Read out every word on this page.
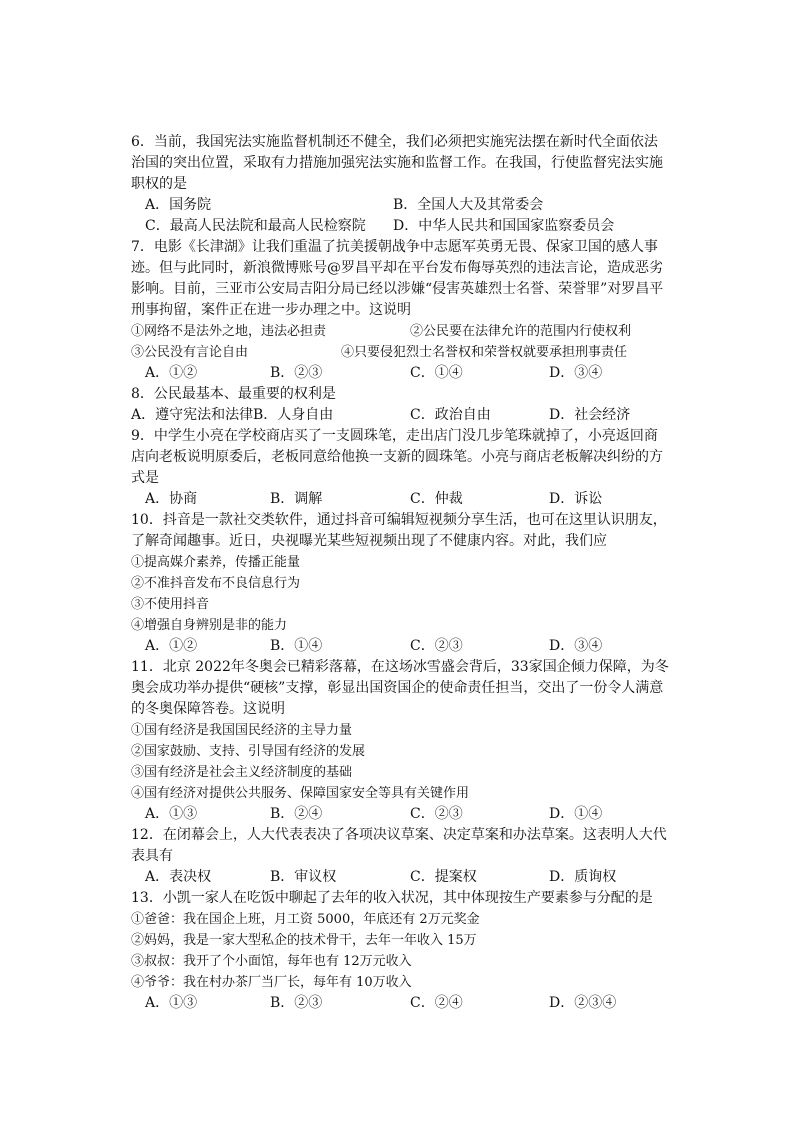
6．当前，我国宪法实施监督机制还不健全，我们必须把实施宪法摆在新时代全面依法治国的突出位置，采取有力措施加强宪法实施和监督工作。在我国，行使监督宪法实施职权的是

A．国务院	B．全国人大及其常委会
C．最高人民法院和最高人民检察院 D．中华人民共和国国家监察委员会

7．电影《长津湖》让我们重温了抗美援朝战争中志愿军英勇无畏、保家卫国的感人事迹。但与此同时，新浪微博账号@罗昌平却在平台发布侮辱英烈的违法言论，造成恶劣影响。目前，三亚市公安局吉阳分局已经以涉嫌“侵害英雄烈士名誉、荣誉罪”对罗昌平刑事拘留，案件正在进一步办理之中。这说明

①网络不是法外之地，违法必担责	②公民要在法律允许的范围内行使权利
③公民没有言论自由	④只要侵犯烈士名誉权和荣誉权就要承担刑事责任
A．①②	B．②③	C．①④	D．③④

8．公民最基本、最重要的权利是

A．遵守宪法和法律 B．人身自由	C．政治自由	D．社会经济

9．中学生小亮在学校商店买了一支圆珠笔，走出店门没几步笔珠就掉了，小亮返回商店向老板说明原委后，老板同意给他换一支新的圆珠笔。小亮与商店老板解决纠纷的方式是

A．协商	B．调解	C．仲裁	D．诉讼

10．抖音是一款社交类软件，通过抖音可编辑短视频分享生活，也可在这里认识朋友，了解奇闻趣事。近日，央视曝光某些短视频出现了不健康内容。对此，我们应

①提高媒介素养，传播正能量

②不准抖音发布不良信息行为

③不使用抖音

④增强自身辨别是非的能力

A．①②	B．①④	C．②③	D．③④

11．北京 2022年冬奥会已精彩落幕，在这场冰雪盛会背后，33家国企倾力保障，为冬奥会成功举办提供“硬核”支撑，彰显出国资国企的使命责任担当，交出了一份令人满意的冬奥保障答卷。这说明

①国有经济是我国国民经济的主导力量

②国家鼓励、支持、引导国有经济的发展

③国有经济是社会主义经济制度的基础

④国有经济对提供公共服务、保障国家安全等具有关键作用

A．①③	B．②④	C．②③	D．①④

12．在闭幕会上，人大代表表决了各项决议草案、决定草案和办法草案。这表明人大代表具有

A．表决权	B．审议权	C．提案权	D．质询权

13．小凯一家人在吃饭中聊起了去年的收入状况，其中体现按生产要素参与分配的是

①爸爸：我在国企上班，月工资 5000，年底还有 2万元奖金

②妈妈，我是一家大型私企的技术骨干，去年一年收入 15万

③叔叔：我开了个小面馆，每年也有 12万元收入

④爷爷：我在村办茶厂当厂长，每年有 10万收入

A．①③	B．②③	C．②④	D．②③④
